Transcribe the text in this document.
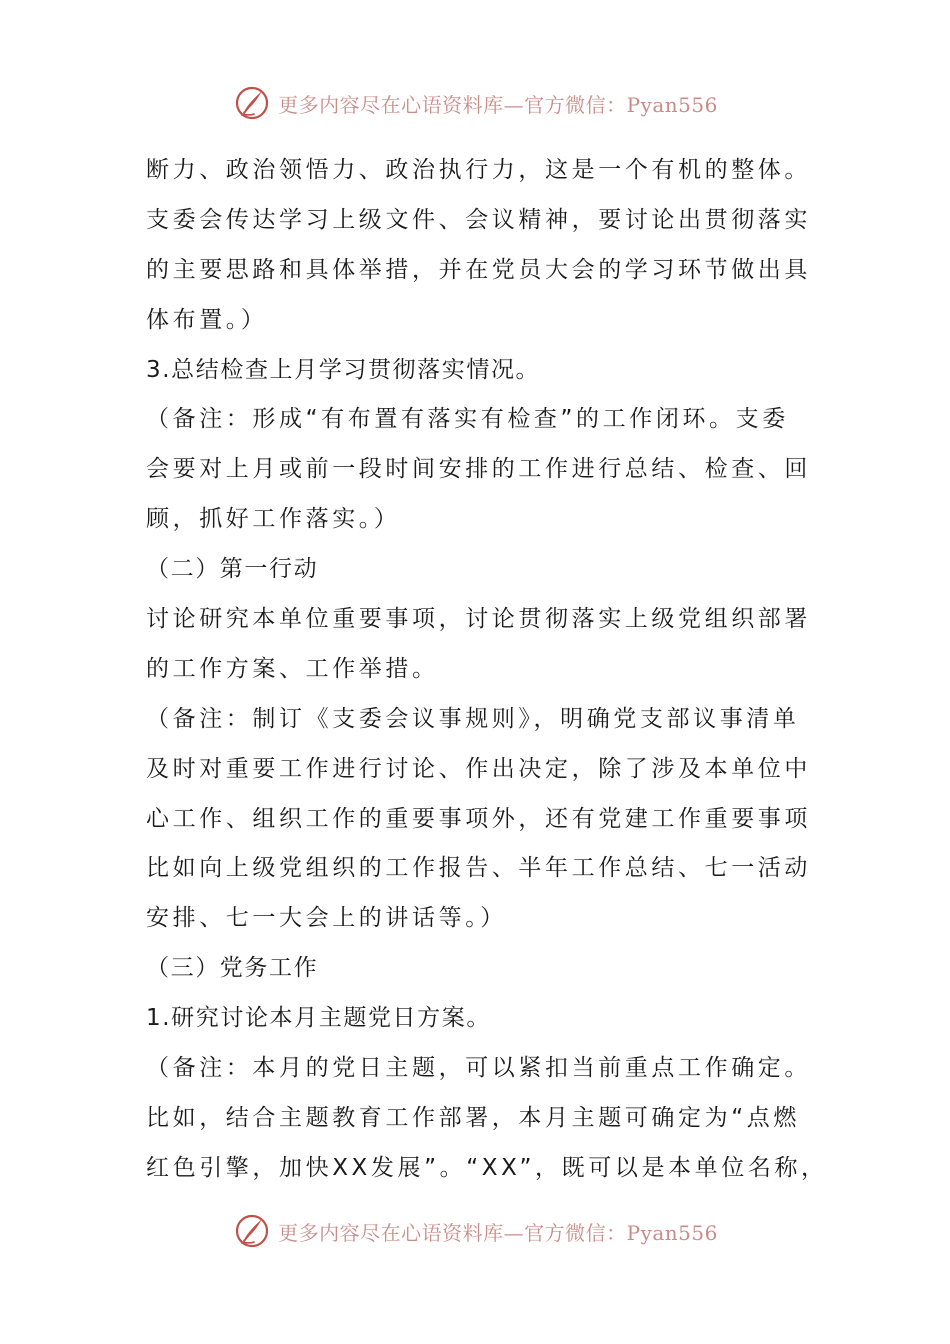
更多内容尽在心语资料库—官方微信：Pyan556
断力、政治领悟力、政治执行力，这是一个有机的整体。
支委会传达学习上级文件、会议精神，要讨论出贯彻落实
的主要思路和具体举措，并在党员大会的学习环节做出具
体布置。）
3.总结检查上月学习贯彻落实情况。
（备注：形成“有布置有落实有检查”的工作闭环。支委
会要对上月或前一段时间安排的工作进行总结、检查、回
顾，抓好工作落实。）
（二）第一行动
讨论研究本单位重要事项，讨论贯彻落实上级党组织部署
的工作方案、工作举措。
（备注：制订《支委会议事规则》，明确党支部议事清单
及时对重要工作进行讨论、作出决定，除了涉及本单位中
心工作、组织工作的重要事项外，还有党建工作重要事项
比如向上级党组织的工作报告、半年工作总结、七一活动
安排、七一大会上的讲话等。）
（三）党务工作
1.研究讨论本月主题党日方案。
（备注：本月的党日主题，可以紧扣当前重点工作确定。
比如，结合主题教育工作部署，本月主题可确定为“点燃
红色引擎，加快XX发展”。“XX”，既可以是本单位名称，
更多内容尽在心语资料库—官方微信：Pyan556
